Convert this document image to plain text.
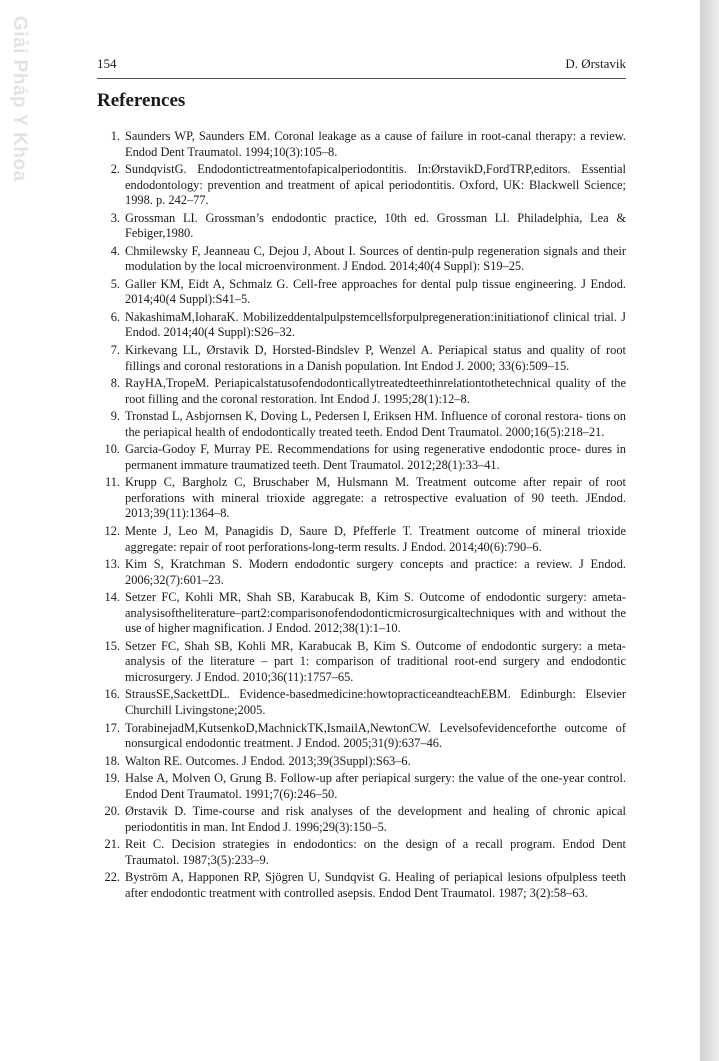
Giải Pháp Y Khoa	154	D. Ørstavik
References
1. Saunders WP, Saunders EM. Coronal leakage as a cause of failure in root-canal therapy: a review. Endod Dent Traumatol. 1994;10(3):105–8.
2. SundqvistG. Endodontictreatmentofapicalperiodontitis. In:ØrstavikD,FordTRP,editors. Essential endodontology: prevention and treatment of apical periodontitis. Oxford, UK: Blackwell Science; 1998. p. 242–77.
3. Grossman LI. Grossman’s endodontic practice, 10th ed. Grossman LI. Philadelphia, Lea & Febiger,1980.
4. Chmilewsky F, Jeanneau C, Dejou J, About I. Sources of dentin-pulp regeneration signals and their modulation by the local microenvironment. J Endod. 2014;40(4 Suppl): S19–25.
5. Galler KM, Eidt A, Schmalz G. Cell-free approaches for dental pulp tissue engineering. J Endod. 2014;40(4 Suppl):S41–5.
6. NakashimaM,IoharaK. Mobilizeddentalpulpstemcellsforpulpregeneration:initiationof clinical trial. J Endod. 2014;40(4 Suppl):S26–32.
7. Kirkevang LL, Ørstavik D, Horsted-Bindslev P, Wenzel A. Periapical status and quality of root fillings and coronal restorations in a Danish population. Int Endod J. 2000; 33(6):509–15.
8. RayHA,TropeM. Periapicalstatusofendodonticallytreatedteethinrelationtothetechnical quality of the root filling and the coronal restoration. Int Endod J. 1995;28(1):12–8.
9. Tronstad L, Asbjornsen K, Doving L, Pedersen I, Eriksen HM. Influence of coronal restora- tions on the periapical health of endodontically treated teeth. Endod Dent Traumatol. 2000;16(5):218–21.
10. Garcia-Godoy F, Murray PE. Recommendations for using regenerative endodontic proce- dures in permanent immature traumatized teeth. Dent Traumatol. 2012;28(1):33–41.
11. Krupp C, Bargholz C, Bruschaber M, Hulsmann M. Treatment outcome after repair of root perforations with mineral trioxide aggregate: a retrospective evaluation of 90 teeth. JEndod. 2013;39(11):1364–8.
12. Mente J, Leo M, Panagidis D, Saure D, Pfefferle T. Treatment outcome of mineral trioxide aggregate: repair of root perforations-long-term results. J Endod. 2014;40(6):790–6.
13. Kim S, Kratchman S. Modern endodontic surgery concepts and practice: a review. J Endod. 2006;32(7):601–23.
14. Setzer FC, Kohli MR, Shah SB, Karabucak B, Kim S. Outcome of endodontic surgery: ameta-analysisoftheliterature–part2:comparisonofendodonticmicrosurgicaltechniques with and without the use of higher magnification. J Endod. 2012;38(1):1–10.
15. Setzer FC, Shah SB, Kohli MR, Karabucak B, Kim S. Outcome of endodontic surgery: a meta-analysis of the literature – part 1: comparison of traditional root-end surgery and endodontic microsurgery. J Endod. 2010;36(11):1757–65.
16. StrausSE,SackettDL. Evidence-basedmedicine:howtopracticeandteachEBM. Edinburgh: Elsevier Churchill Livingstone;2005.
17. TorabinejadM,KutsenkoD,MachnickTK,IsmailA,NewtonCW. Levelsofevidenceforthe outcome of nonsurgical endodontic treatment. J Endod. 2005;31(9):637–46.
18. Walton RE. Outcomes. J Endod. 2013;39(3Suppl):S63–6.
19. Halse A, Molven O, Grung B. Follow-up after periapical surgery: the value of the one-year control. Endod Dent Traumatol. 1991;7(6):246–50.
20. Ørstavik D. Time-course and risk analyses of the development and healing of chronic apical periodontitis in man. Int Endod J. 1996;29(3):150–5.
21. Reit C. Decision strategies in endodontics: on the design of a recall program. Endod Dent Traumatol. 1987;3(5):233–9.
22. Byström A, Happonen RP, Sjögren U, Sundqvist G. Healing of periapical lesions ofpulpless teeth after endodontic treatment with controlled asepsis. Endod Dent Traumatol. 1987; 3(2):58–63.
